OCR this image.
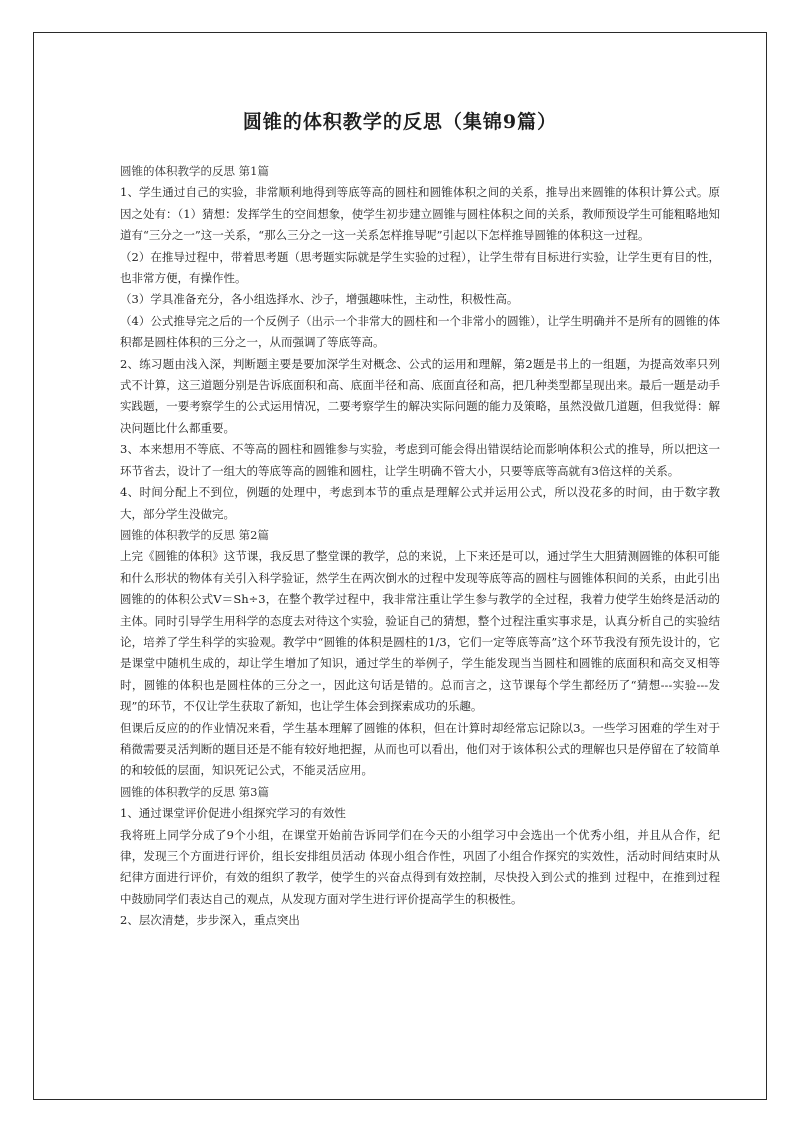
圆锥的体积教学的反思（集锦9篇）

圆锥的体积教学的反思 第1篇

1、学生通过自己的实验，非常顺利地得到等底等高的圆柱和圆锥体积之间的关系，推导出来圆锥的体积计算公式。原因之处有：（1）猜想：发挥学生的空间想象，使学生初步建立圆锥与圆柱体积之间的关系，教师预设学生可能粗略地知道有“三分之一”这一关系，“那么三分之一这一关系怎样推导呢”引起以下怎样推导圆锥的体积这一过程。

（2）在推导过程中，带着思考题（思考题实际就是学生实验的过程），让学生带有目标进行实验，让学生更有目的性，也非常方便，有操作性。

（3）学具准备充分，各小组选择水、沙子，增强趣味性，主动性，积极性高。

（4）公式推导完之后的一个反例子（出示一个非常大的圆柱和一个非常小的圆锥），让学生明确并不是所有的圆锥的体积都是圆柱体积的三分之一，从而强调了等底等高。

2、练习题由浅入深，判断题主要是要加深学生对概念、公式的运用和理解，第2题是书上的一组题，为提高效率只列式不计算，这三道题分别是告诉底面积和高、底面半径和高、底面直径和高，把几种类型都呈现出来。最后一题是动手实践题，一要考察学生的公式运用情况，二要考察学生的解决实际问题的能力及策略，虽然没做几道题，但我觉得：解决问题比什么都重要。

3、本来想用不等底、不等高的圆柱和圆锥参与实验，考虑到可能会得出错误结论而影响体积公式的推导，所以把这一环节省去，设计了一组大的等底等高的圆锥和圆柱，让学生明确不管大小，只要等底等高就有3倍这样的关系。

4、时间分配上不到位，例题的处理中，考虑到本节的重点是理解公式并运用公式，所以没花多的时间，由于数字教大，部分学生没做完。

圆锥的体积教学的反思 第2篇

上完《圆锥的体积》这节课，我反思了整堂课的教学，总的来说，上下来还是可以，通过学生大胆猜测圆锥的体积可能和什么形状的物体有关引入科学验证，然学生在两次倒水的过程中发现等底等高的圆柱与圆锥体积间的关系，由此引出圆锥的的体积公式V＝Sh÷3，在整个教学过程中，我非常注重让学生参与教学的全过程，我着力使学生始终是活动的主体。同时引导学生用科学的态度去对待这个实验，验证自己的猜想，整个过程注重实事求是，认真分析自己的实验结论，培养了学生科学的实验观。教学中“圆锥的体积是圆柱的1/3，它们一定等底等高”这个环节我没有预先设计的，它是课堂中随机生成的，却让学生增加了知识，通过学生的举例子，学生能发现当当圆柱和圆锥的底面积和高交叉相等时，圆锥的体积也是圆柱体的三分之一，因此这句话是错的。总而言之，这节课每个学生都经历了“猜想---实验---发现”的环节，不仅让学生获取了新知，也让学生体会到探索成功的乐趣。

但课后反应的的作业情况来看，学生基本理解了圆锥的体积，但在计算时却经常忘记除以3。一些学习困难的学生对于稍微需要灵活判断的题目还是不能有较好地把握，从而也可以看出，他们对于该体积公式的理解也只是停留在了较简单的和较低的层面，知识死记公式，不能灵活应用。

圆锥的体积教学的反思 第3篇

1、通过课堂评价促进小组探究学习的有效性

我将班上同学分成了9个小组，在课堂开始前告诉同学们在今天的小组学习中会选出一个优秀小组，并且从合作，纪律，发现三个方面进行评价，组长安排组员活动 体现小组合作性，巩固了小组合作探究的实效性，活动时间结束时从纪律方面进行评价，有效的组织了教学，使学生的兴奋点得到有效控制，尽快投入到公式的推到 过程中，在推到过程中鼓励同学们表达自己的观点，从发现方面对学生进行评价提高学生的积极性。

2、层次清楚，步步深入，重点突出
